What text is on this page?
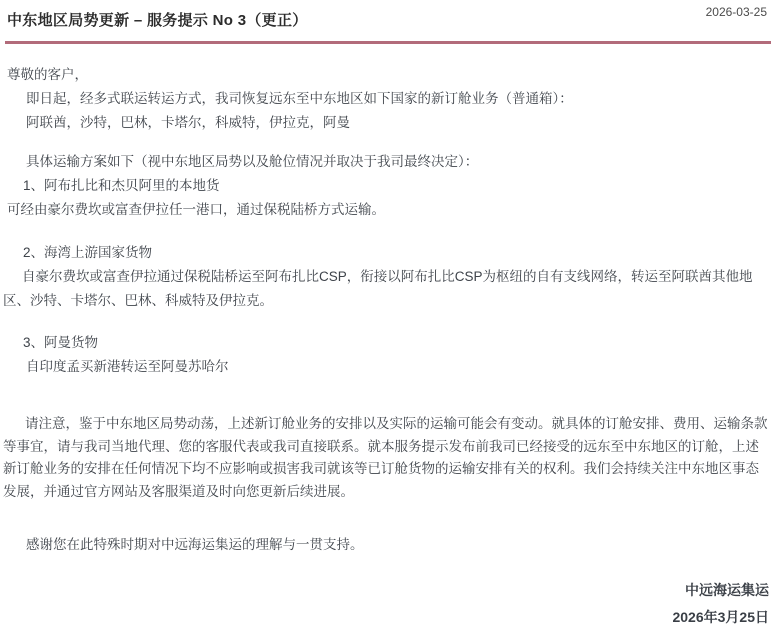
中东地区局势更新 – 服务提示 No 3（更正）	2026-03-25

尊敬的客户，

即日起，经多式联运转运方式，我司恢复远东至中东地区如下国家的新订舱业务（普通箱）：

阿联酋，沙特，巴林，卡塔尔，科威特，伊拉克，阿曼

具体运输方案如下（视中东地区局势以及舱位情况并取决于我司最终决定）：

1、阿布扎比和杰贝阿里的本地货

可经由豪尔费坎或富查伊拉任一港口，通过保税陆桥方式运输。

2、海湾上游国家货物

自豪尔费坎或富查伊拉通过保税陆桥运至阿布扎比CSP，衔接以阿布扎比CSP为枢纽的自有支线网络，转运至阿联酋其他地区、沙特、卡塔尔、巴林、科威特及伊拉克。

3、阿曼货物

自印度孟买新港转运至阿曼苏哈尔

请注意，鉴于中东地区局势动荡，上述新订舱业务的安排以及实际的运输可能会有变动。就具体的订舱安排、费用、运输条款等事宜，请与我司当地代理、您的客服代表或我司直接联系。就本服务提示发布前我司已经接受的远东至中东地区的订舱，上述新订舱业务的安排在任何情况下均不应影响或损害我司就该等已订舱货物的运输安排有关的权利。我们会持续关注中东地区事态发展，并通过官方网站及客服渠道及时向您更新后续进展。

感谢您在此特殊时期对中远海运集运的理解与一贯支持。

中远海运集运
2026年3月25日
